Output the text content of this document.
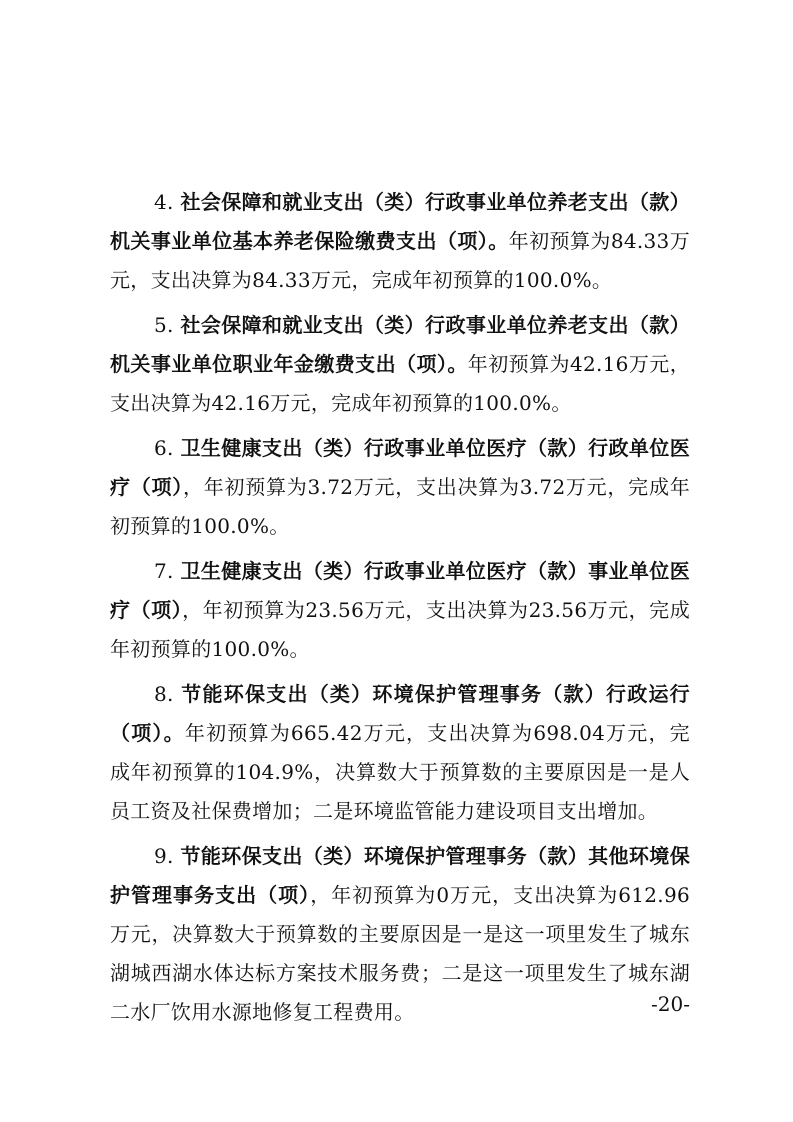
4. 社会保障和就业支出（类）行政事业单位养老支出（款）机关事业单位基本养老保险缴费支出（项）。年初预算为84.33万元，支出决算为84.33万元，完成年初预算的100.0%。

5. 社会保障和就业支出（类）行政事业单位养老支出（款）机关事业单位职业年金缴费支出（项）。年初预算为42.16万元，支出决算为42.16万元，完成年初预算的100.0%。

6. 卫生健康支出（类）行政事业单位医疗（款）行政单位医疗（项），年初预算为3.72万元，支出决算为3.72万元，完成年初预算的100.0%。

7. 卫生健康支出（类）行政事业单位医疗（款）事业单位医疗（项），年初预算为23.56万元，支出决算为23.56万元，完成年初预算的100.0%。

8. 节能环保支出（类）环境保护管理事务（款）行政运行（项）。年初预算为665.42万元，支出决算为698.04万元，完成年初预算的104.9%，决算数大于预算数的主要原因是一是人员工资及社保费增加；二是环境监管能力建设项目支出增加。

9. 节能环保支出（类）环境保护管理事务（款）其他环境保护管理事务支出（项），年初预算为0万元，支出决算为612.96万元，决算数大于预算数的主要原因是一是这一项里发生了城东湖城西湖水体达标方案技术服务费；二是这一项里发生了城东湖二水厂饮用水源地修复工程费用。	-20-
